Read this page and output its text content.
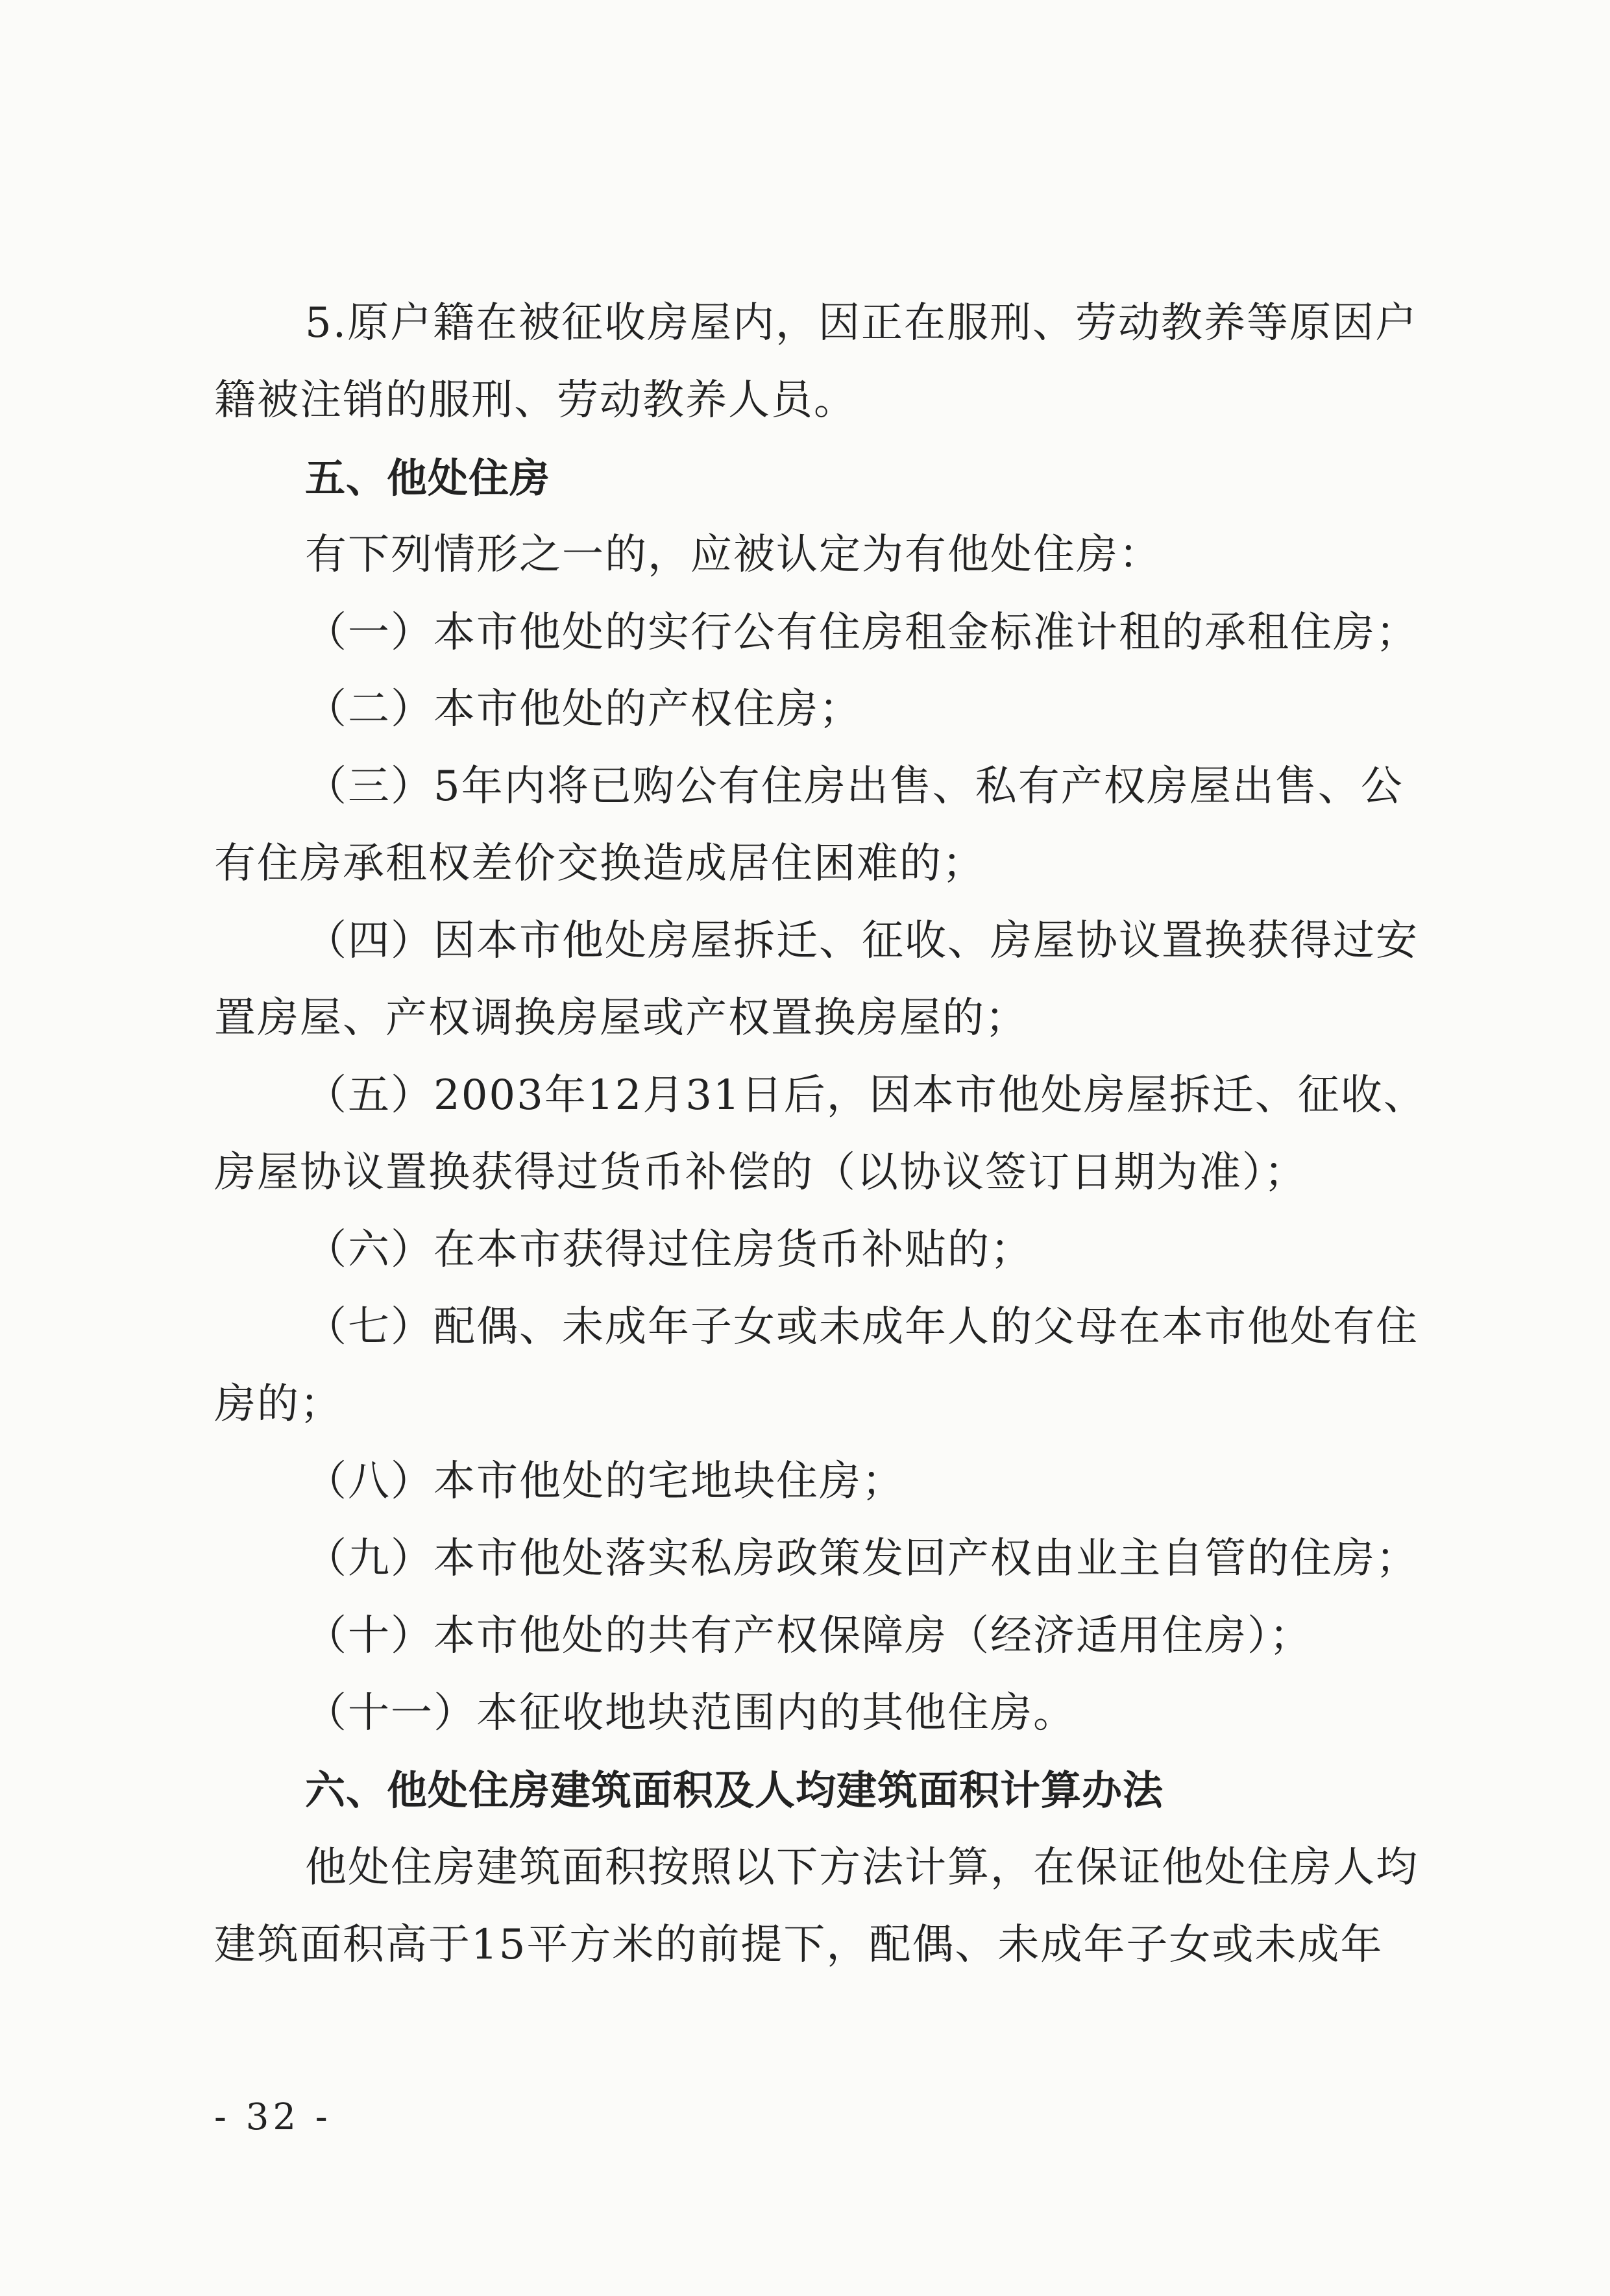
5.原户籍在被征收房屋内，因正在服刑、劳动教养等原因户
籍被注销的服刑、劳动教养人员。
五、他处住房
有下列情形之一的，应被认定为有他处住房：
（一）本市他处的实行公有住房租金标准计租的承租住房；
（二）本市他处的产权住房；
（三）5年内将已购公有住房出售、私有产权房屋出售、公
有住房承租权差价交换造成居住困难的；
（四）因本市他处房屋拆迁、征收、房屋协议置换获得过安
置房屋、产权调换房屋或产权置换房屋的；
（五）2003年12月31日后，因本市他处房屋拆迁、征收、
房屋协议置换获得过货币补偿的（以协议签订日期为准）；
（六）在本市获得过住房货币补贴的；
（七）配偶、未成年子女或未成年人的父母在本市他处有住
房的；
（八）本市他处的宅地块住房；
（九）本市他处落实私房政策发回产权由业主自管的住房；
（十）本市他处的共有产权保障房（经济适用住房）；
（十一）本征收地块范围内的其他住房。
六、他处住房建筑面积及人均建筑面积计算办法
他处住房建筑面积按照以下方法计算，在保证他处住房人均
建筑面积高于15平方米的前提下，配偶、未成年子女或未成年
- 32 -
